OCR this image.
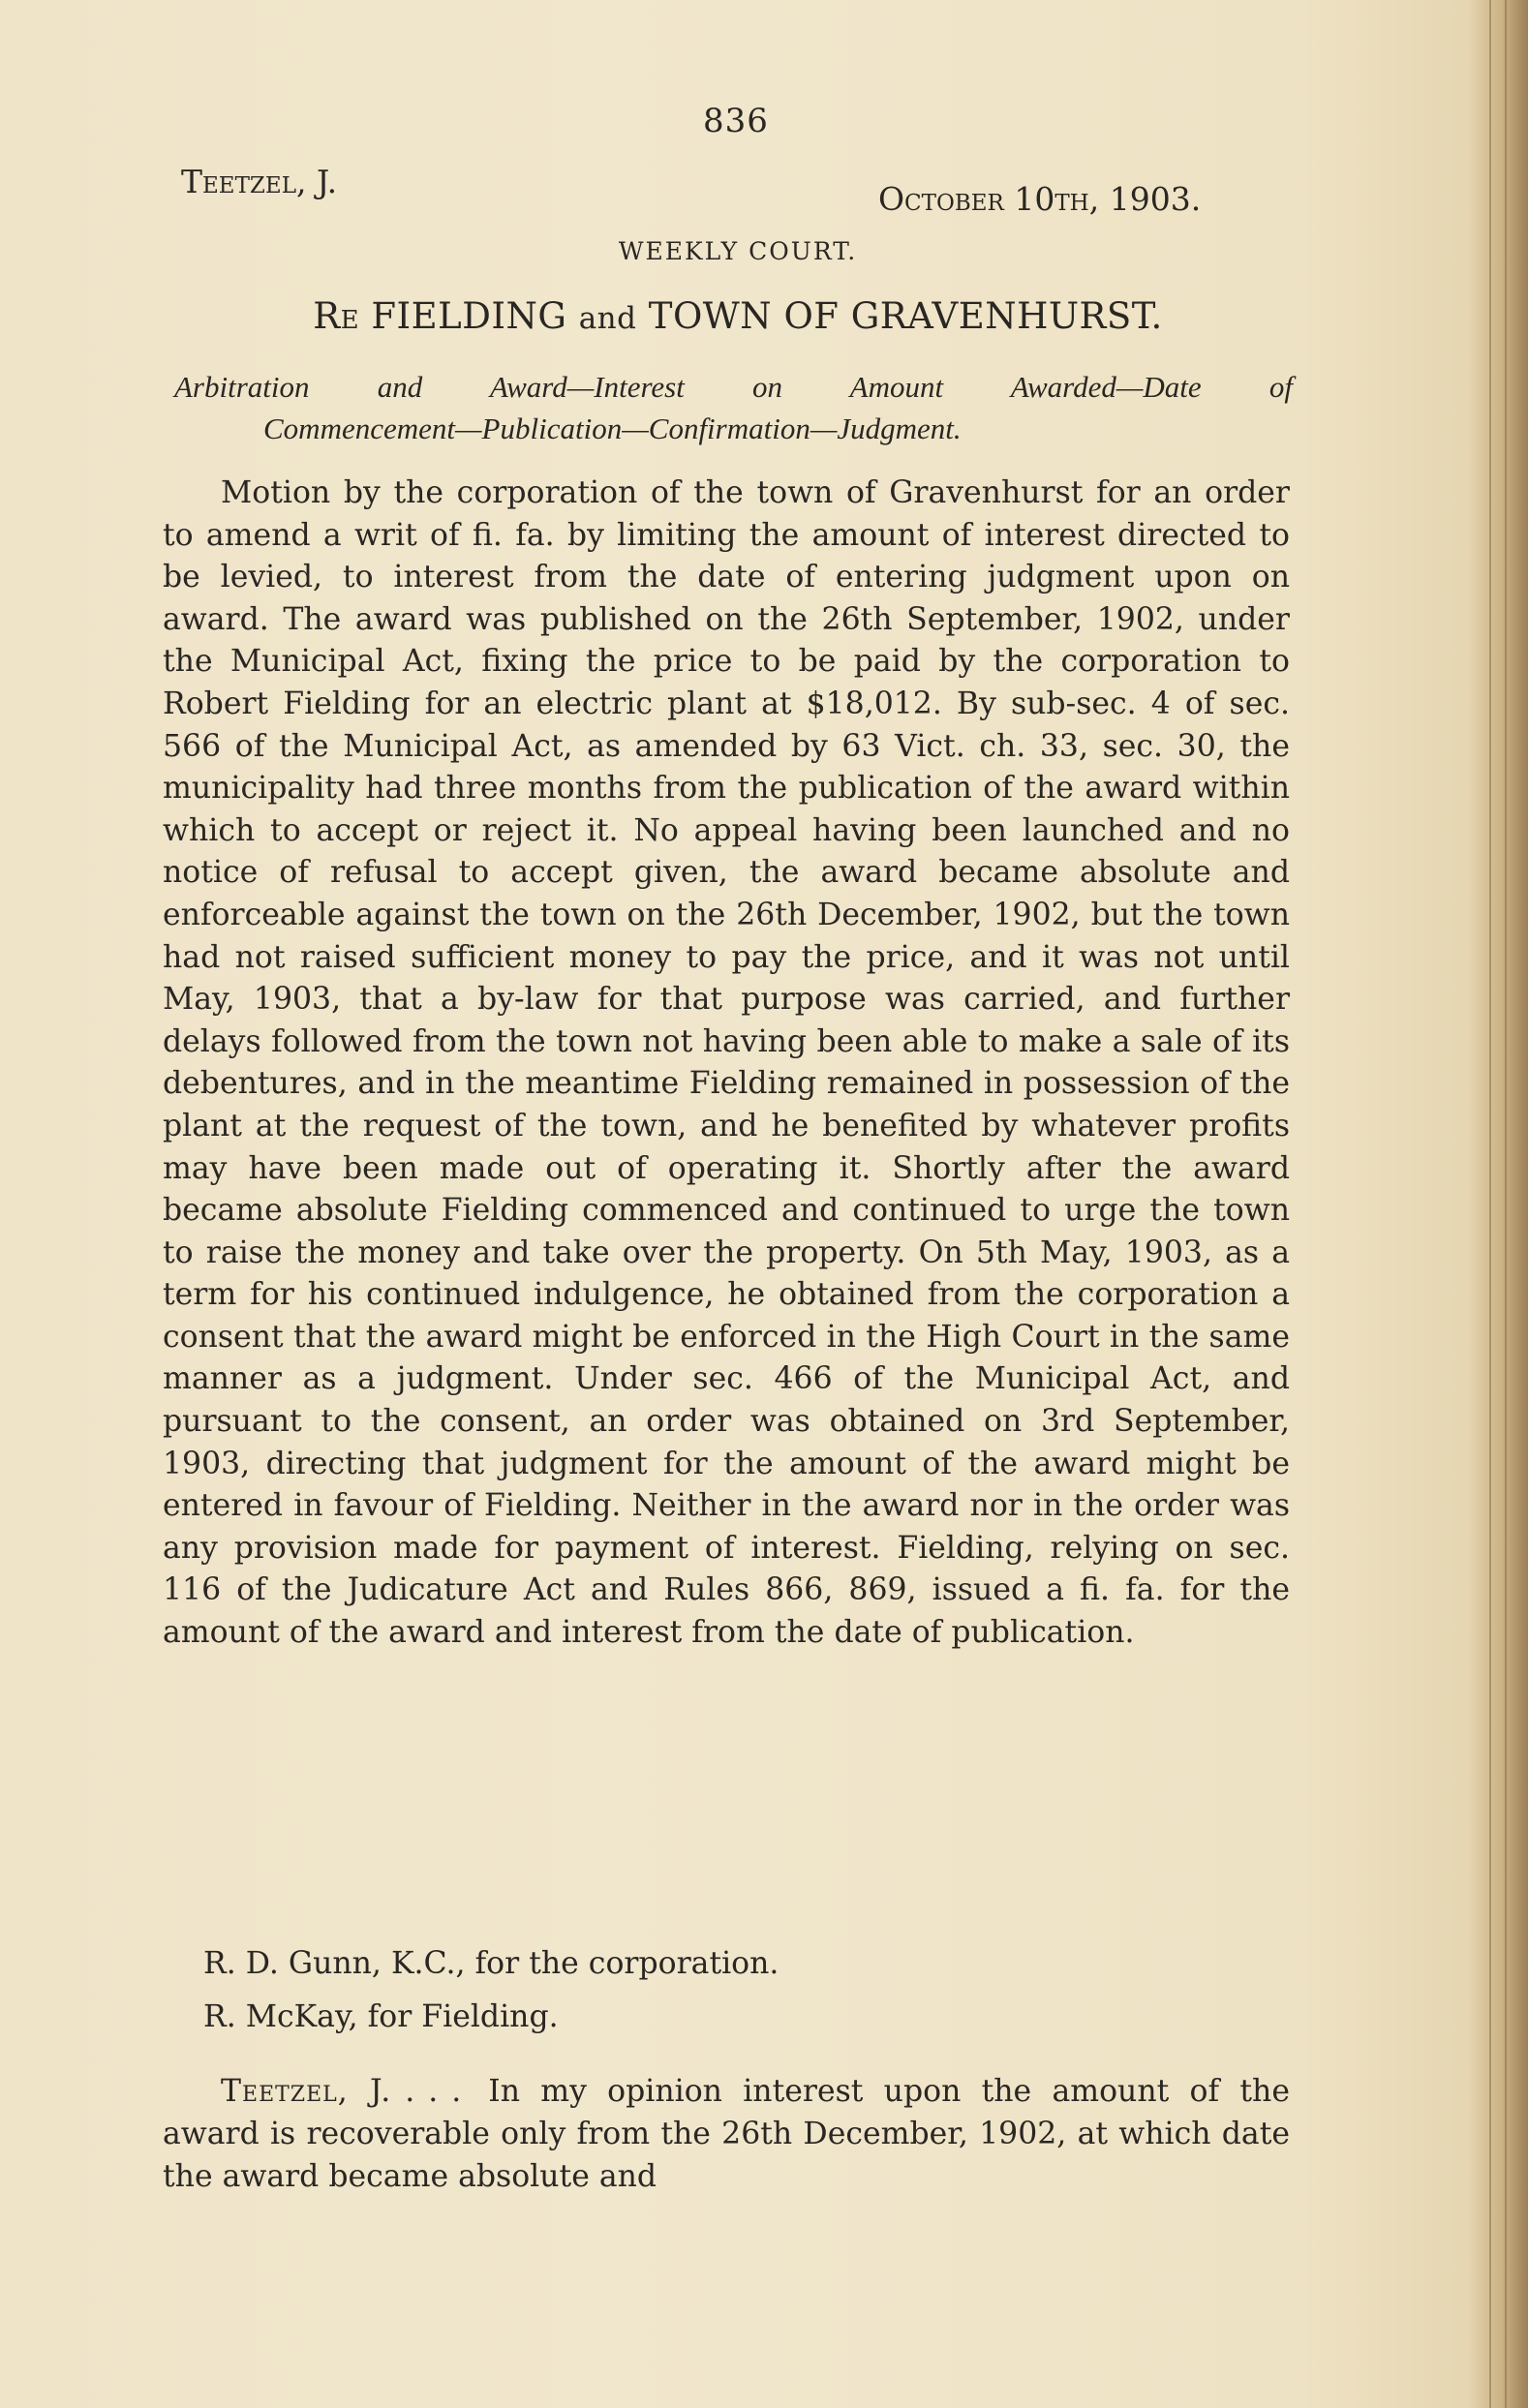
836
Teetzel, J.	October 10th, 1903.
WEEKLY COURT.
Re FIELDING and TOWN OF GRAVENHURST.
Arbitration and Award—Interest on Amount Awarded—Date of
Commencement—Publication—Confirmation—Judgment.

Motion by the corporation of the town of Gravenhurst for an order to amend a writ of fi. fa. by limiting the amount of interest directed to be levied, to interest from the date of entering judgment upon on award. The award was published on the 26th September, 1902, under the Municipal Act, fixing the price to be paid by the corporation to Robert Fielding for an electric plant at $18,012. By sub-sec. 4 of sec. 566 of the Municipal Act, as amended by 63 Vict. ch. 33, sec. 30, the municipality had three months from the publication of the award within which to accept or reject it. No appeal having been launched and no notice of refusal to accept given, the award became absolute and enforceable against the town on the 26th December, 1902, but the town had not raised sufficient money to pay the price, and it was not until May, 1903, that a by-law for that purpose was carried, and further delays followed from the town not having been able to make a sale of its debentures, and in the meantime Fielding remained in possession of the plant at the request of the town, and he benefited by whatever profits may have been made out of operating it. Shortly after the award became absolute Fielding commenced and continued to urge the town to raise the money and take over the property. On 5th May, 1903, as a term for his continued indulgence, he obtained from the corporation a consent that the award might be enforced in the High Court in the same manner as a judgment. Under sec. 466 of the Municipal Act, and pursuant to the consent, an order was obtained on 3rd September, 1903, directing that judgment for the amount of the award might be entered in favour of Fielding. Neither in the award nor in the order was any provision made for payment of interest. Fielding, relying on sec. 116 of the Judicature Act and Rules 866, 869, issued a fi. fa. for the amount of the award and interest from the date of publication.

R. D. Gunn, K.C., for the corporation.
R. McKay, for Fielding.

Teetzel, J. ... In my opinion interest upon the amount of the award is recoverable only from the 26th December, 1902, at which date the award became absolute and
